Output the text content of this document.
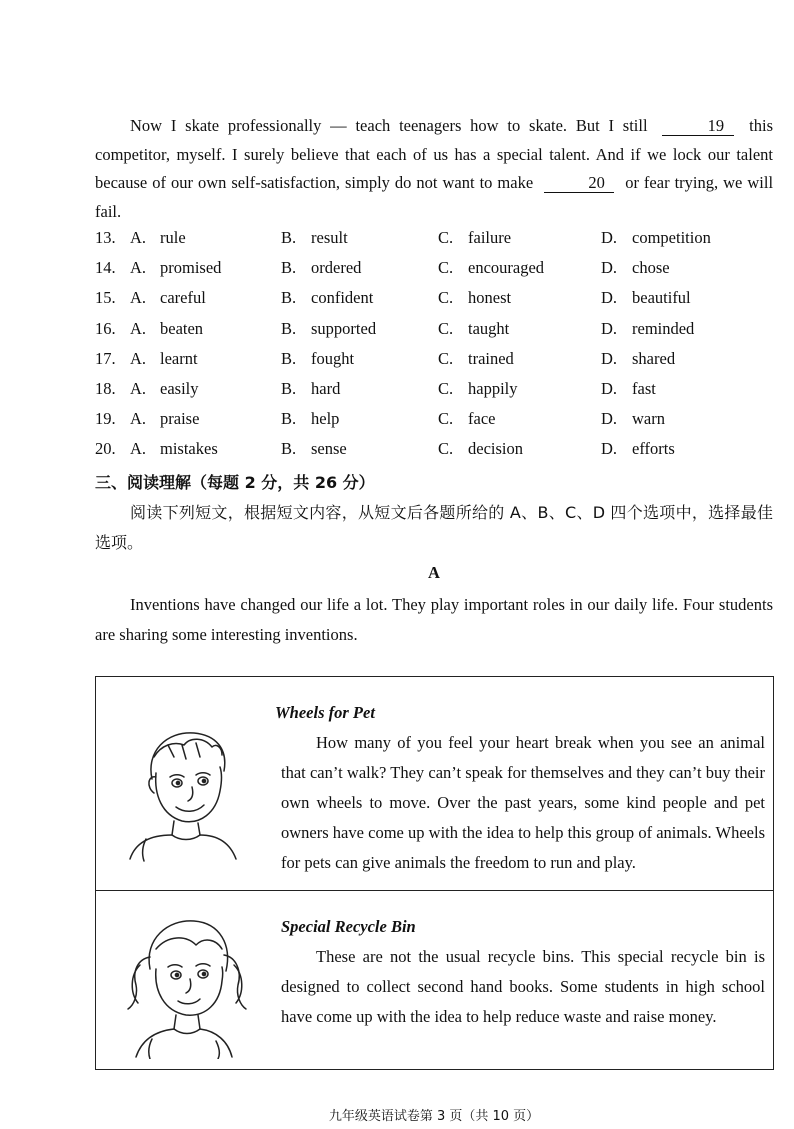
Now I skate professionally — teach teenagers how to skate. But I still	19 this competitor, myself. I surely believe that each of us has a special talent. And if we lock our talent because of our own self-satisfaction, simply do not want to make	20 or fear trying, we will fail.
13. A. rule	B. result	C. failure	D. competition
14. A. promised	B. ordered	C. encouraged	D. chose
15. A. careful	B. confident	C. honest	D. beautiful
16. A. beaten	B. supported	C. taught	D. reminded
17. A. learnt	B. fought	C. trained	D. shared
18. A. easily	B. hard	C. happily	D. fast
19. A. praise	B. help	C. face	D. warn
20. A. mistakes	B. sense	C. decision	D. efforts
三、阅读理解（每题 2 分，共 26 分）
阅读下列短文，根据短文内容，从短文后各题所给的 A、B、C、D 四个选项中，选择最佳选项。
A
Inventions have changed our life a lot. They play important roles in our daily life. Four students are sharing some interesting inventions.
Wheels for Pet
How many of you feel your heart break when you see an animal that can’t walk? They can’t speak for themselves and they can’t buy their own wheels to move. Over the past years, some kind people and pet owners have come up with the idea to help this group of animals. Wheels for pets can give animals the freedom to run and play.
Special Recycle Bin
These are not the usual recycle bins. This special recycle bin is designed to collect second hand books. Some students in high school have come up with the idea to help reduce waste and raise money.
九年级英语试卷第 3 页（共 10 页）
